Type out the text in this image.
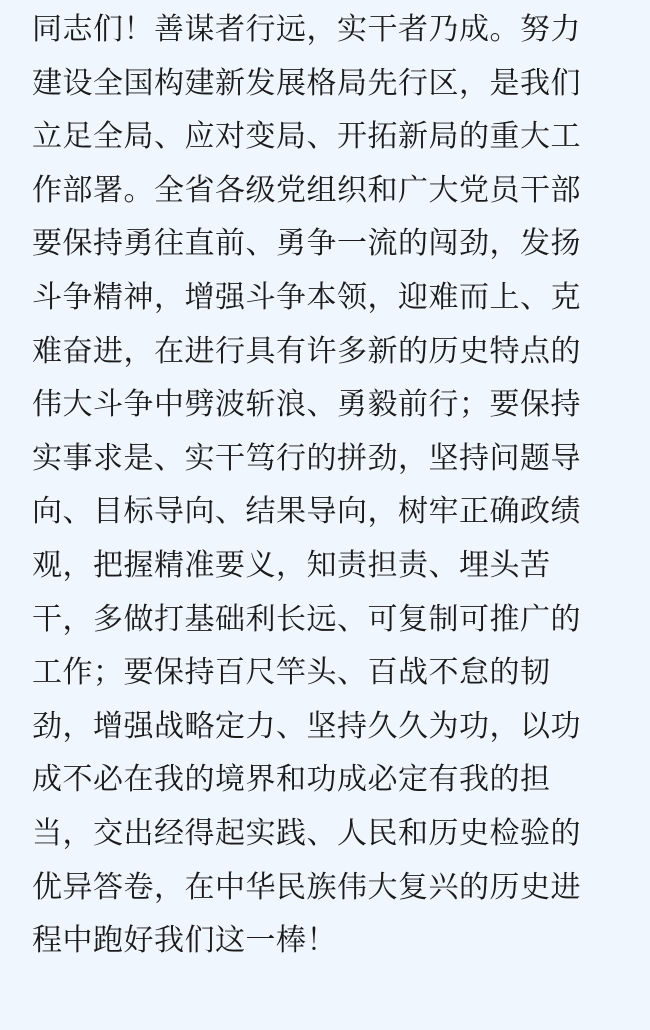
同志们！善谋者行远，实干者乃成。努力
建设全国构建新发展格局先行区，是我们
立足全局、应对变局、开拓新局的重大工
作部署。全省各级党组织和广大党员干部
要保持勇往直前、勇争一流的闯劲，发扬
斗争精神，增强斗争本领，迎难而上、克
难奋进，在进行具有许多新的历史特点的
伟大斗争中劈波斩浪、勇毅前行；要保持
实事求是、实干笃行的拼劲，坚持问题导
向、目标导向、结果导向，树牢正确政绩
观，把握精准要义，知责担责、埋头苦
干，多做打基础利长远、可复制可推广的
工作；要保持百尺竿头、百战不怠的韧
劲，增强战略定力、坚持久久为功，以功
成不必在我的境界和功成必定有我的担
当，交出经得起实践、人民和历史检验的
优异答卷，在中华民族伟大复兴的历史进
程中跑好我们这一棒！
